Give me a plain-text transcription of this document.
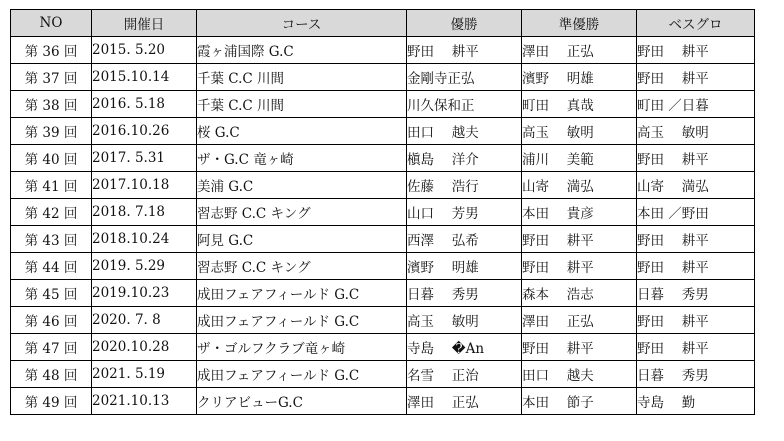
NO	開催日	コース	優勝	準優勝	ベスグロ
第 36 回	2015. 5.20	霞ヶ浦国際 G.C	野田　 耕平	澤田　 正弘	野田　 耕平
第 37 回	2015.10.14	千葉 C.C 川間	金剛寺正弘	濱野　 明雄	野田　 耕平
第 38 回	2016. 5.18	千葉 C.C 川間	川久保和正	町田　 真哉	町田 ／日暮
第 39 回	2016.10.26	桜 G.C	田口　 越夫	高玉　 敏明	高玉　 敏明
第 40 回	2017. 5.31	ザ・G.C 竜ヶ崎	槇島　 洋介	浦川　 美範	野田　 耕平
第 41 回	2017.10.18	美浦 G.C	佐藤　 浩行	山寄　 満弘	山寄　 満弘
第 42 回	2018. 7.18	習志野 C.C キング	山口　 芳男	本田　 貴彦	本田 ／野田
第 43 回	2018.10.24	阿見 G.C	西澤　 弘希	野田　 耕平	野田　 耕平
第 44 回	2019. 5.29	習志野 C.C キング	濱野　 明雄	野田　 耕平	野田　 耕平
第 45 回	2019.10.23	成田フェアフィールド G.C	日暮　 秀男	森本　 浩志	日暮　 秀男
第 46 回	2020. 7. 8	成田フェアフィールド G.C	高玉　 敏明	澤田　 正弘	野田　 耕平
第 47 回	2020.10.28	ザ・ゴルフクラブ竜ヶ崎	寺島　 �An	野田　 耕平	野田　 耕平
第 48 回	2021. 5.19	成田フェアフィールド G.C	名雪　 正治	田口　 越夫	日暮　 秀男
第 49 回	2021.10.13	クリアビューG.C	澤田　 正弘	本田　 節子	寺島　 勤
